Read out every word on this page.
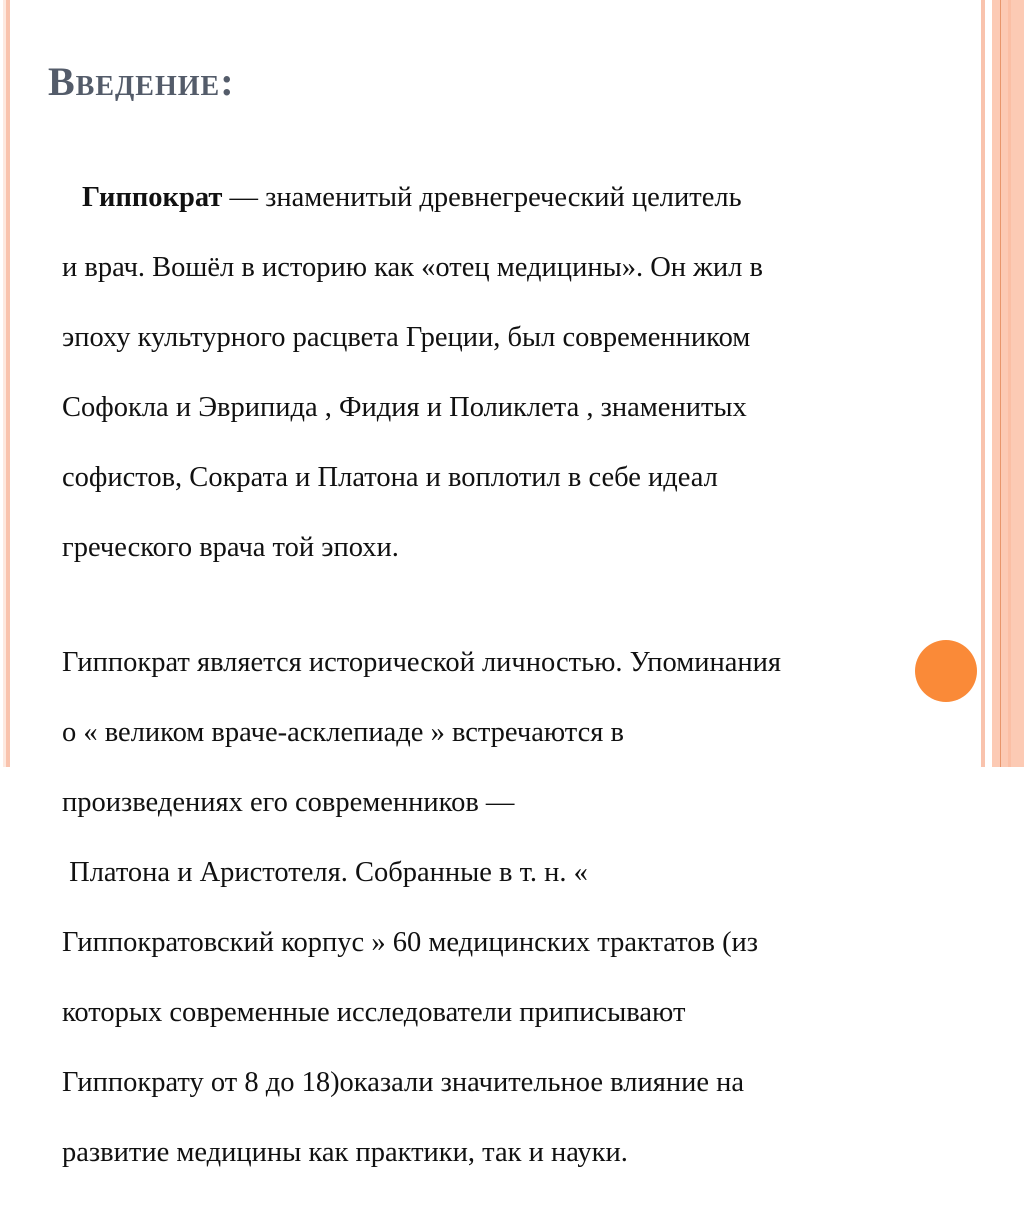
Введение:

Гиппократ — знаменитый древнегреческий целитель

и врач. Вошёл в историю как «отец медицины». Он жил в

эпоху культурного расцвета Греции, был современником

Софокла и Эврипида , Фидия и Поликлета , знаменитых

софистов, Сократа и Платона и воплотил в себе идеал

греческого врача той эпохи.

Гиппократ является исторической личностью. Упоминания

о « великом враче-асклепиаде » встречаются в

произведениях его современников —

Платона и Аристотеля. Собранные в т. н. «

Гиппократовский корпус » 60 медицинских трактатов (из

которых современные исследователи приписывают

Гиппократу от 8 до 18)оказали значительное влияние на

развитие медицины как практики, так и науки.
